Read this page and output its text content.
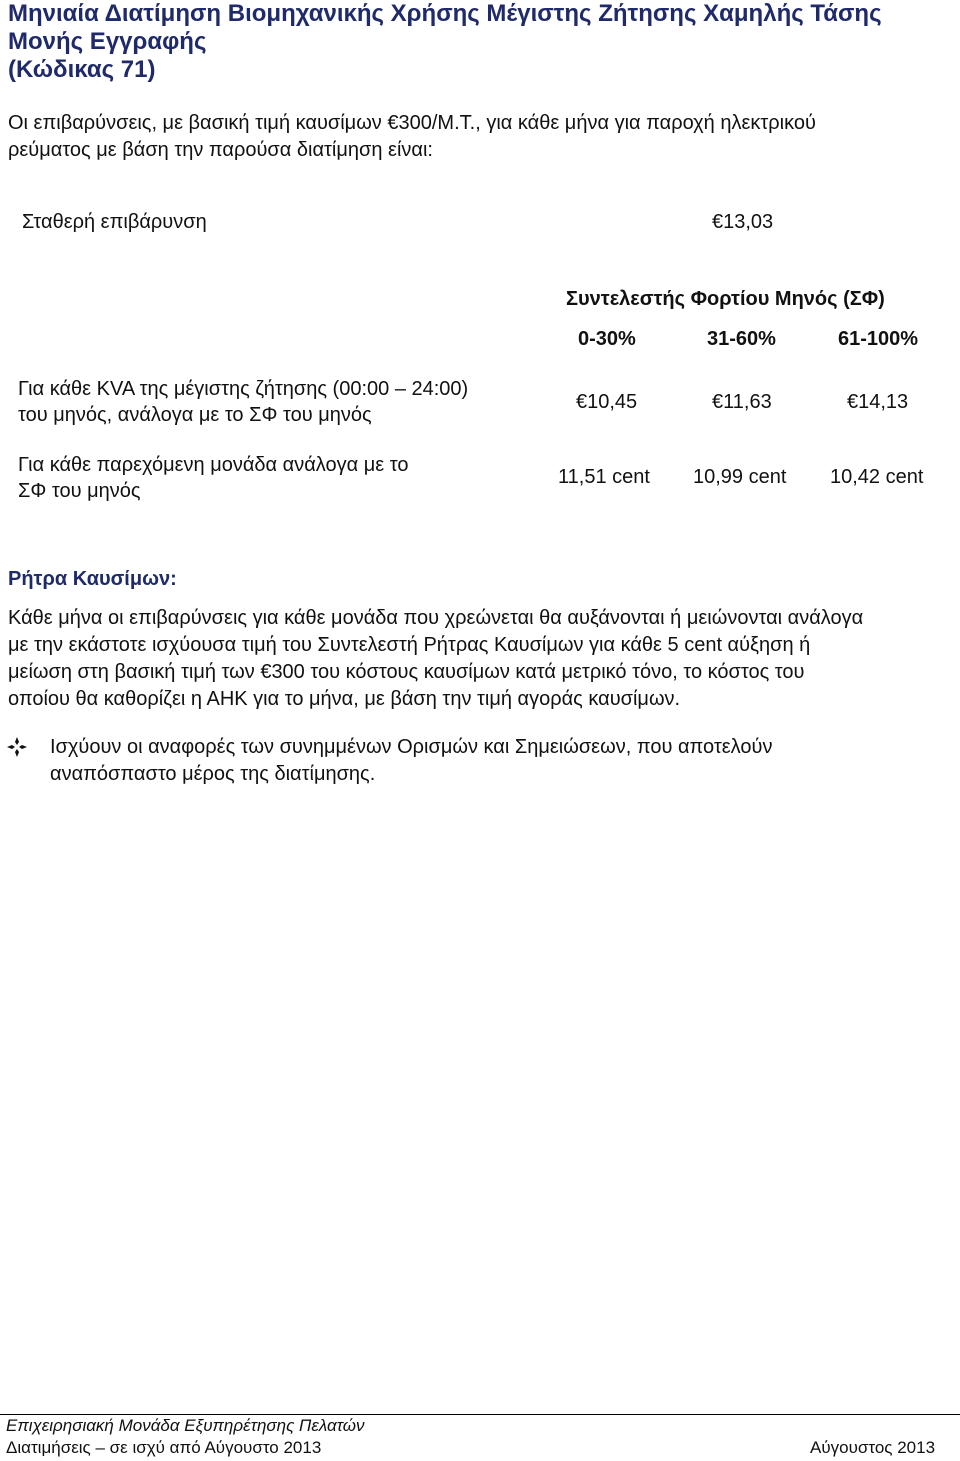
Μηνιαία Διατίμηση Βιομηχανικής Χρήσης Μέγιστης Ζήτησης Χαμηλής Τάσης
Μονής Εγγραφής
(Κώδικας 71)
Οι επιβαρύνσεις, με βασική τιμή καυσίμων €300/Μ.Τ., για κάθε μήνα για παροχή ηλεκτρικού
ρεύματος με βάση την παρούσα διατίμηση είναι:
Σταθερή επιβάρυνση	€13,03
Συντελεστής Φορτίου Μηνός (ΣΦ)
0-30%	31-60%	61-100%
Για κάθε KVA της μέγιστης ζήτησης (00:00 – 24:00)
του μηνός, ανάλογα με το ΣΦ του μηνός
€10,45	€11,63	€14,13
Για κάθε παρεχόμενη μονάδα ανάλογα με το
ΣΦ του μηνός
11,51 cent 10,99 cent 10,42 cent
Ρήτρα Καυσίμων:
Κάθε μήνα οι επιβαρύνσεις για κάθε μονάδα που χρεώνεται θα αυξάνονται ή μειώνονται ανάλογα
με την εκάστοτε ισχύουσα τιμή του Συντελεστή Ρήτρας Καυσίμων για κάθε 5 cent αύξηση ή
μείωση στη βασική τιμή των €300 του κόστους καυσίμων κατά μετρικό τόνο, το κόστος του
οποίου θα καθορίζει η ΑΗΚ για το μήνα, με βάση την τιμή αγοράς καυσίμων.
Ισχύουν οι αναφορές των συνημμένων Ορισμών και Σημειώσεων, που αποτελούν
αναπόσπαστο μέρος της διατίμησης.
Επιχειρησιακή Μονάδα Εξυπηρέτησης Πελατών
Διατιμήσεις – σε ισχύ από Αύγουστο 2013	Αύγουστος 2013
